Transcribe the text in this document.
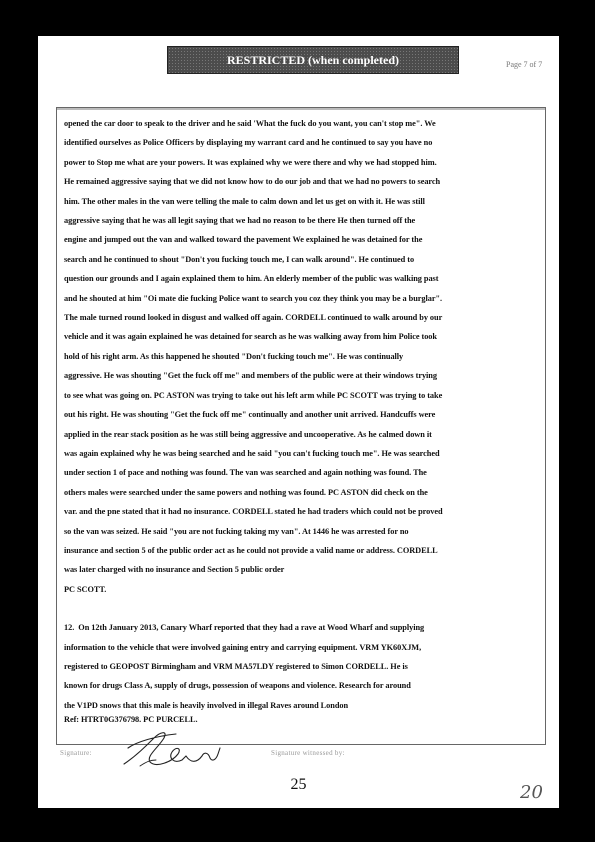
RESTRICTED (when completed)	Page 7 of 7
opened the car door to speak to the driver and he said 'What the fuck do you want, you can't stop me". We
identified ourselves as Police Officers by displaying my warrant card and he continued to say you have no
power to Stop me what are your powers. It was explained why we were there and why we had stopped him.
He remained aggressive saying that we did not know how to do our job and that we had no powers to search
him. The other males in the van were telling the male to calm down and let us get on with it. He was still
aggressive saying that he was all legit saying that we had no reason to be there He then turned off the
engine and jumped out the van and walked toward the pavement We explained he was detained for the
search and he continued to shout "Don't you fucking touch me, I can walk around". He continued to
question our grounds and I again explained them to him. An elderly member of the public was walking past
and he shouted at him "Oi mate die fucking Police want to search you coz they think you may be a burglar".
The male turned round looked in disgust and walked off again. CORDELL continued to walk around by our
vehicle and it was again explained he was detained for search as he was walking away from him Police took
hold of his right arm. As this happened he shouted "Don't fucking touch me". He was continually
aggressive. He was shouting "Get the fuck off me" and members of the public were at their windows trying
to see what was going on. PC ASTON was trying to take out his left arm while PC SCOTT was trying to take
out his right. He was shouting "Get the fuck off me" continually and another unit arrived. Handcuffs were
applied in the rear stack position as he was still being aggressive and uncooperative. As he calmed down it
was again explained why he was being searched and he said "you can't fucking touch me". He was searched
under section 1 of pace and nothing was found. The van was searched and again nothing was found. The
others males were searched under the same powers and nothing was found. PC ASTON did check on the
var. and the pne stated that it had no insurance. CORDELL stated he had traders which could not be proved
so the van was seized. He said "you are not fucking taking my van". At 1446 he was arrested for no
insurance and section 5 of the public order act as he could not provide a valid name or address. CORDELL
was later charged with no insurance and Section 5 public order
PC SCOTT.
12. On 12th January 2013, Canary Wharf reported that they had a rave at Wood Wharf and supplying
information to the vehicle that were involved gaining entry and carrying equipment. VRM YK60XJM,
registered to GEOPOST Birmingham and VRM MA57LDY registered to Simon CORDELL. He is
known for drugs Class A, supply of drugs, possession of weapons and violence. Research for around
the V1PD snows that this male is heavily involved in illegal Raves around London
Ref: HTRT0G376798. PC PURCELL.
Signature:	Signature witnessed by:
25	20
